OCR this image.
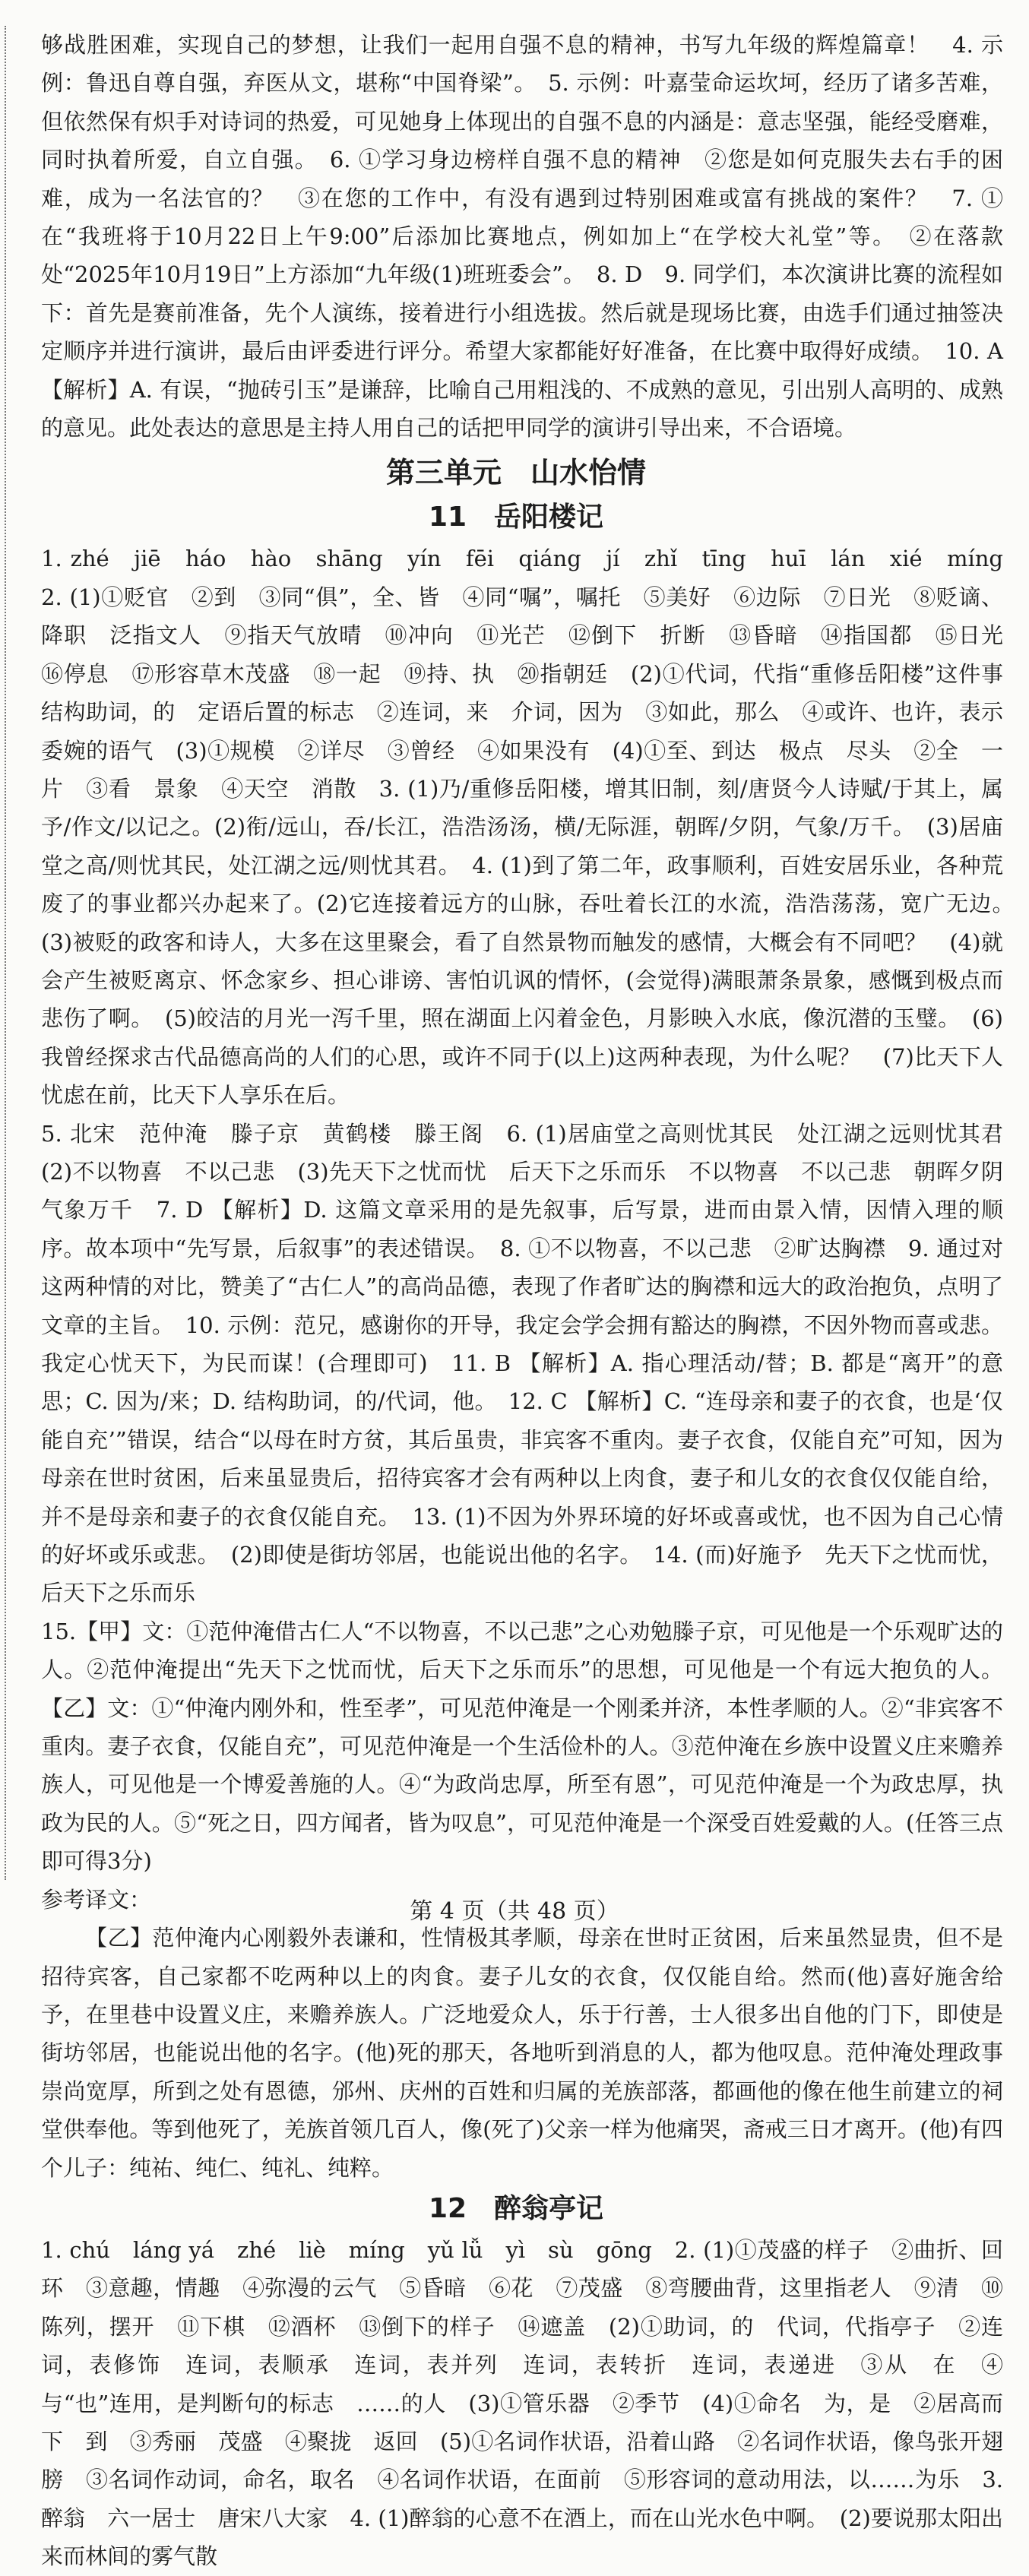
够战胜困难，实现自己的梦想，让我们一起用自强不息的精神，书写九年级的辉煌篇章！　4. 示例：鲁迅自尊自强，弃医从文，堪称“中国脊梁”。　5. 示例：叶嘉莹命运坎坷，经历了诸多苦难，但依然保有炽手对诗词的热爱，可见她身上体现出的自强不息的内涵是：意志坚强，能经受磨难，同时执着所爱，自立自强。　6. ①学习身边榜样自强不息的精神　②您是如何克服失去右手的困难，成为一名法官的？　③在您的工作中，有没有遇到过特别困难或富有挑战的案件？　7. ①在“我班将于10月22日上午9:00”后添加比赛地点，例如加上“在学校大礼堂”等。　②在落款处“2025年10月19日”上方添加“九年级(1)班班委会”。　8. D　9. 同学们，本次演讲比赛的流程如下：首先是赛前准备，先个人演练，接着进行小组选拔。然后就是现场比赛，由选手们通过抽签决定顺序并进行演讲，最后由评委进行评分。希望大家都能好好准备，在比赛中取得好成绩。　10. A 【解析】A. 有误，“抛砖引玉”是谦辞，比喻自己用粗浅的、不成熟的意见，引出别人高明的、成熟的意见。此处表达的意思是主持人用自己的话把甲同学的演讲引导出来，不合语境。

第三单元　山水怡情
11　岳阳楼记

1. zhé　jiē　háo　hào　shāng　yín　fēi　qiáng　jí　zhǐ　tīng　huī　lán　xié　míng　2. (1)①贬官　②到　③同“俱”，全、皆　④同“嘱”，嘱托　⑤美好　⑥边际　⑦日光　⑧贬谪、降职　泛指文人　⑨指天气放晴　⑩冲向　⑪光芒　⑫倒下　折断　⑬昏暗　⑭指国都　⑮日光　⑯停息　⑰形容草木茂盛　⑱一起　⑲持、执　⑳指朝廷　(2)①代词，代指“重修岳阳楼”这件事　结构助词，的　定语后置的标志　②连词，来　介词，因为　③如此，那么　④或许、也许，表示委婉的语气　(3)①规模　②详尽　③曾经　④如果没有　(4)①至、到达　极点　尽头　②全　一片　③看　景象　④天空　消散　3. (1)乃/重修岳阳楼，增其旧制，刻/唐贤今人诗赋/于其上，属予/作文/以记之。(2)衔/远山，吞/长江，浩浩汤汤，横/无际涯，朝晖/夕阴，气象/万千。　(3)居庙堂之高/则忧其民，处江湖之远/则忧其君。　4. (1)到了第二年，政事顺利，百姓安居乐业，各种荒废了的事业都兴办起来了。(2)它连接着远方的山脉，吞吐着长江的水流，浩浩荡荡，宽广无边。　(3)被贬的政客和诗人，大多在这里聚会，看了自然景物而触发的感情，大概会有不同吧？　(4)就会产生被贬离京、怀念家乡、担心诽谤、害怕讥讽的情怀，(会觉得)满眼萧条景象，感慨到极点而悲伤了啊。　(5)皎洁的月光一泻千里，照在湖面上闪着金色，月影映入水底，像沉潜的玉璧。　(6)我曾经探求古代品德高尚的人们的心思，或许不同于(以上)这两种表现，为什么呢？　(7)比天下人忧虑在前，比天下人享乐在后。

5. 北宋　范仲淹　滕子京　黄鹤楼　滕王阁　6. (1)居庙堂之高则忧其民　处江湖之远则忧其君　(2)不以物喜　不以己悲　(3)先天下之忧而忧　后天下之乐而乐　不以物喜　不以己悲　朝晖夕阴　气象万千　7. D 【解析】D. 这篇文章采用的是先叙事，后写景，进而由景入情，因情入理的顺序。故本项中“先写景，后叙事”的表述错误。　8. ①不以物喜，不以己悲　②旷达胸襟　9. 通过对这两种情的对比，赞美了“古仁人”的高尚品德，表现了作者旷达的胸襟和远大的政治抱负，点明了文章的主旨。　10. 示例：范兄，感谢你的开导，我定会学会拥有豁达的胸襟，不因外物而喜或悲。我定心忧天下，为民而谋！(合理即可)　11. B 【解析】A. 指心理活动/替；B. 都是“离开”的意思；C. 因为/来；D. 结构助词，的/代词，他。　12. C 【解析】C. “连母亲和妻子的衣食，也是‘仅能自充’”错误，结合“以母在时方贫，其后虽贵，非宾客不重肉。妻子衣食，仅能自充”可知，因为母亲在世时贫困，后来虽显贵后，招待宾客才会有两种以上肉食，妻子和儿女的衣食仅仅能自给，并不是母亲和妻子的衣食仅能自充。　13. (1)不因为外界环境的好坏或喜或忧，也不因为自己心情的好坏或乐或悲。　(2)即使是街坊邻居，也能说出他的名字。　14. (而)好施予　先天下之忧而忧，后天下之乐而乐

15.【甲】文：①范仲淹借古仁人“不以物喜，不以己悲”之心劝勉滕子京，可见他是一个乐观旷达的人。②范仲淹提出“先天下之忧而忧，后天下之乐而乐”的思想，可见他是一个有远大抱负的人。【乙】文：①“仲淹内刚外和，性至孝”，可见范仲淹是一个刚柔并济，本性孝顺的人。②“非宾客不重肉。妻子衣食，仅能自充”，可见范仲淹是一个生活俭朴的人。③范仲淹在乡族中设置义庄来赡养族人，可见他是一个博爱善施的人。④“为政尚忠厚，所至有恩”，可见范仲淹是一个为政忠厚，执政为民的人。⑤“死之日，四方闻者，皆为叹息”，可见范仲淹是一个深受百姓爱戴的人。(任答三点即可得3分)

参考译文：

【乙】范仲淹内心刚毅外表谦和，性情极其孝顺，母亲在世时正贫困，后来虽然显贵，但不是招待宾客，自己家都不吃两种以上的肉食。妻子儿女的衣食，仅仅能自给。然而(他)喜好施舍给予，在里巷中设置义庄，来赡养族人。广泛地爱众人，乐于行善，士人很多出自他的门下，即使是街坊邻居，也能说出他的名字。(他)死的那天，各地听到消息的人，都为他叹息。范仲淹处理政事崇尚宽厚，所到之处有恩德，邠州、庆州的百姓和归属的羌族部落，都画他的像在他生前建立的祠堂供奉他。等到他死了，羌族首领几百人，像(死了)父亲一样为他痛哭，斋戒三日才离开。(他)有四个儿子：纯祐、纯仁、纯礼、纯粹。

12　醉翁亭记

1. chú　láng yá　zhé　liè　míng　yǔ lǚ　yì　sù　gōng　2. (1)①茂盛的样子　②曲折、回环　③意趣，情趣　④弥漫的云气　⑤昏暗　⑥花　⑦茂盛　⑧弯腰曲背，这里指老人　⑨清　⑩陈列，摆开　⑪下棋　⑫酒杯　⑬倒下的样子　⑭遮盖　(2)①助词，的　代词，代指亭子　②连词，表修饰　连词，表顺承　连词，表并列　连词，表转折　连词，表递进　③从　在　④与“也”连用，是判断句的标志　……的人　(3)①管乐器　②季节　(4)①命名　为，是　②居高而下　到　③秀丽　茂盛　④聚拢　返回　(5)①名词作状语，沿着山路　②名词作状语，像鸟张开翅膀　③名词作动词，命名，取名　④名词作状语，在面前　⑤形容词的意动用法，以……为乐　3. 醉翁　六一居士　唐宋八大家　4. (1)醉翁的心意不在酒上，而在山光水色中啊。　(2)要说那太阳出来而林间的雾气散

第 4 页（共 48 页）
